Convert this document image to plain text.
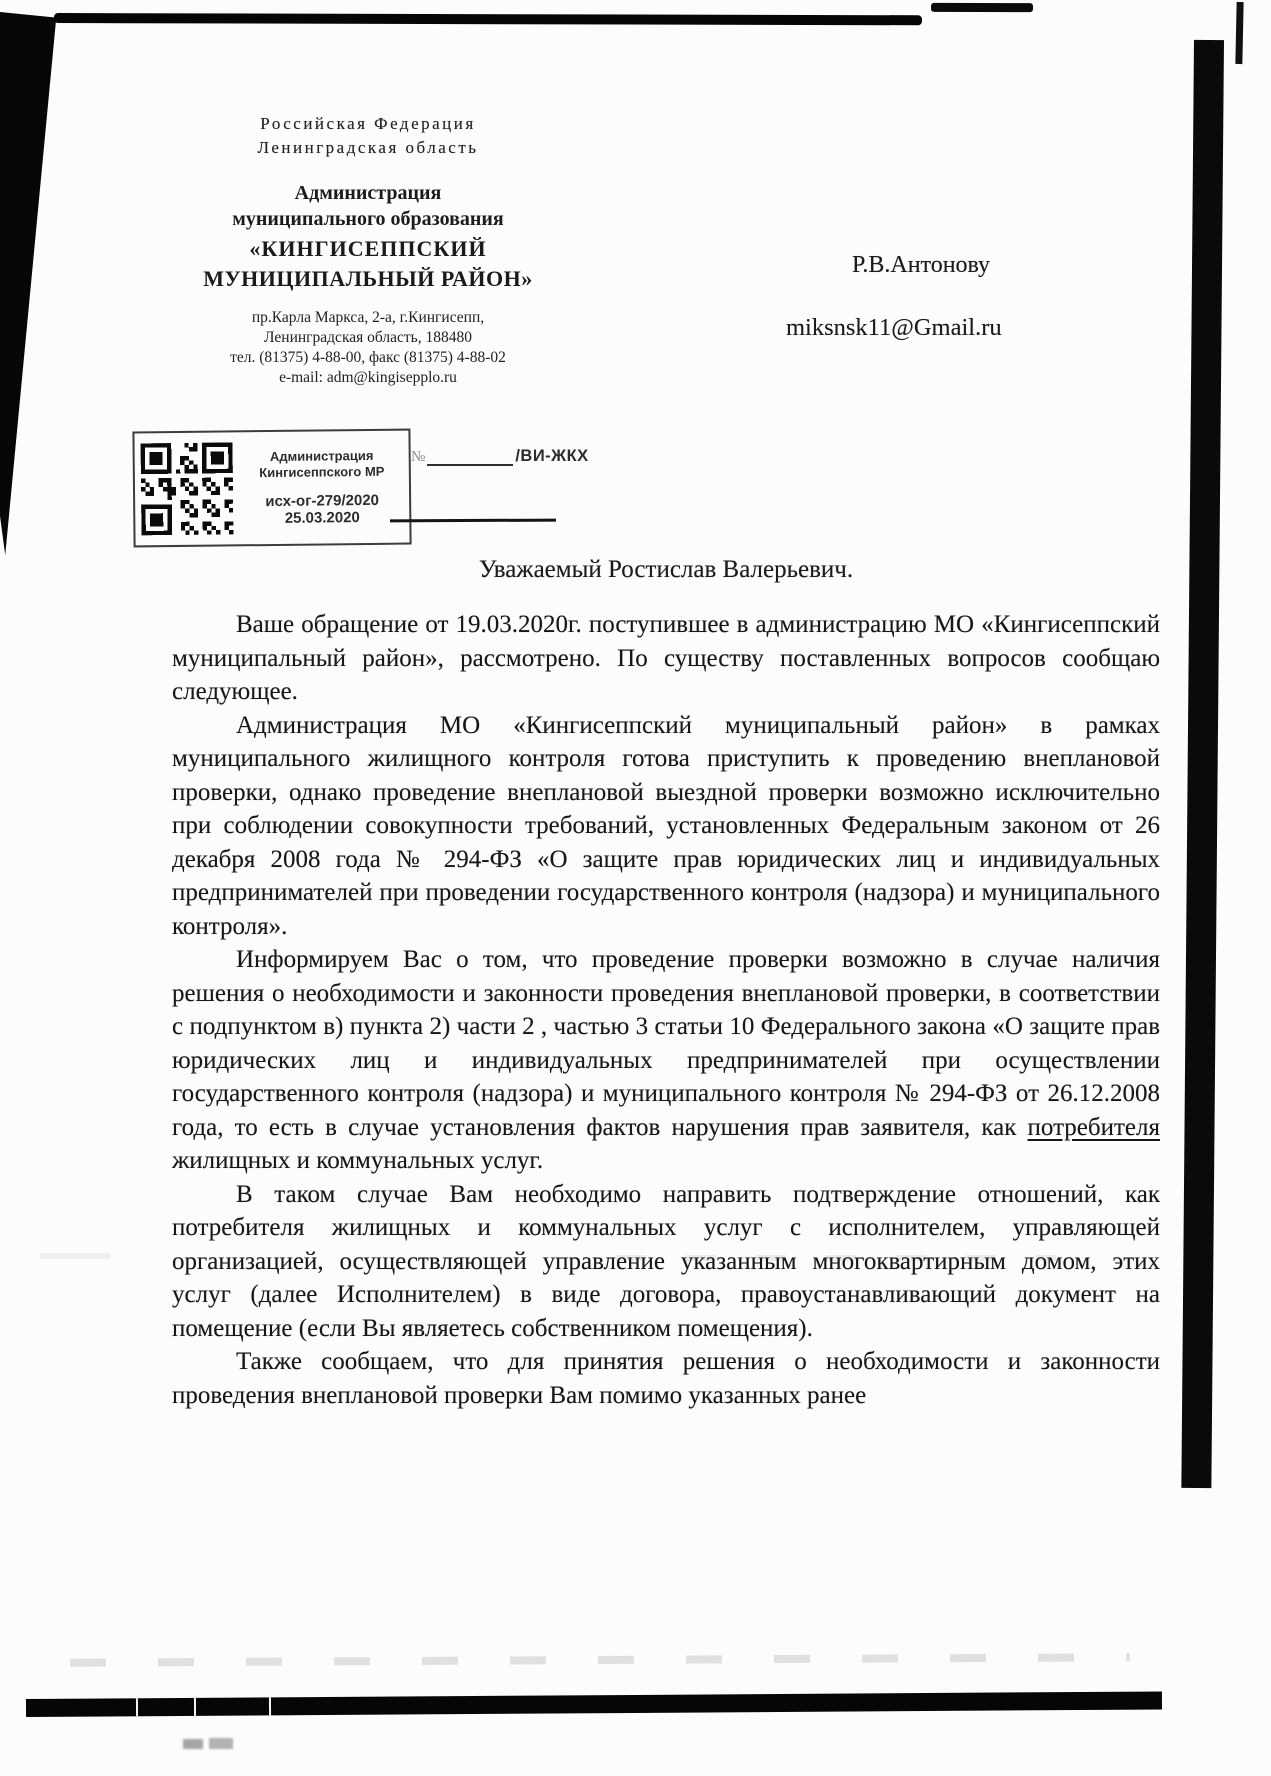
Российская Федерация
Ленинградская область
Администрация
муниципального образования
«КИНГИСЕППСКИЙ
МУНИЦИПАЛЬНЫЙ РАЙОН»
пр.Карла Маркса, 2-а, г.Кингисепп,
Ленинградская область, 188480
тел. (81375) 4-88-00, факс (81375) 4-88-02
e-mail: adm@kingisepplo.ru
Р.В.Антонову
miksnsk11@Gmail.ru
Администрация
Кингисеппского МР
исх-ог-279/2020
25.03.2020
№	/ВИ-ЖКХ
Уважаемый Ростислав Валерьевич.

Ваше обращение от 19.03.2020г. поступившее в администрацию МО «Кингисеппский муниципальный район», рассмотрено. По существу поставленных вопросов сообщаю следующее.

Администрация МО «Кингисеппский муниципальный район» в рамках муниципального жилищного контроля готова приступить к проведению внеплановой проверки, однако проведение внеплановой выездной проверки возможно исключительно при соблюдении совокупности требований, установленных Федеральным законом от 26 декабря 2008 года № 294-ФЗ «О защите прав юридических лиц и индивидуальных предпринимателей при проведении государственного контроля (надзора) и муниципального контроля».

Информируем Вас о том, что проведение проверки возможно в случае наличия решения о необходимости и законности проведения внеплановой проверки, в соответствии с подпунктом в) пункта 2) части 2 , частью 3 статьи 10 Федерального закона «О защите прав юридических лиц и индивидуальных предпринимателей при осуществлении государственного контроля (надзора) и муниципального контроля № 294-ФЗ от 26.12.2008 года, то есть в случае установления фактов нарушения прав заявителя, как потребителя жилищных и коммунальных услуг.

В таком случае Вам необходимо направить подтверждение отношений, как потребителя жилищных и коммунальных услуг с исполнителем, управляющей организацией, осуществляющей управление указанным многоквартирным домом, этих услуг (далее Исполнителем) в виде договора, правоустанавливающий документ на помещение (если Вы являетесь собственником помещения).

Также сообщаем, что для принятия решения о необходимости и законности проведения внеплановой проверки Вам помимо указанных ранее
